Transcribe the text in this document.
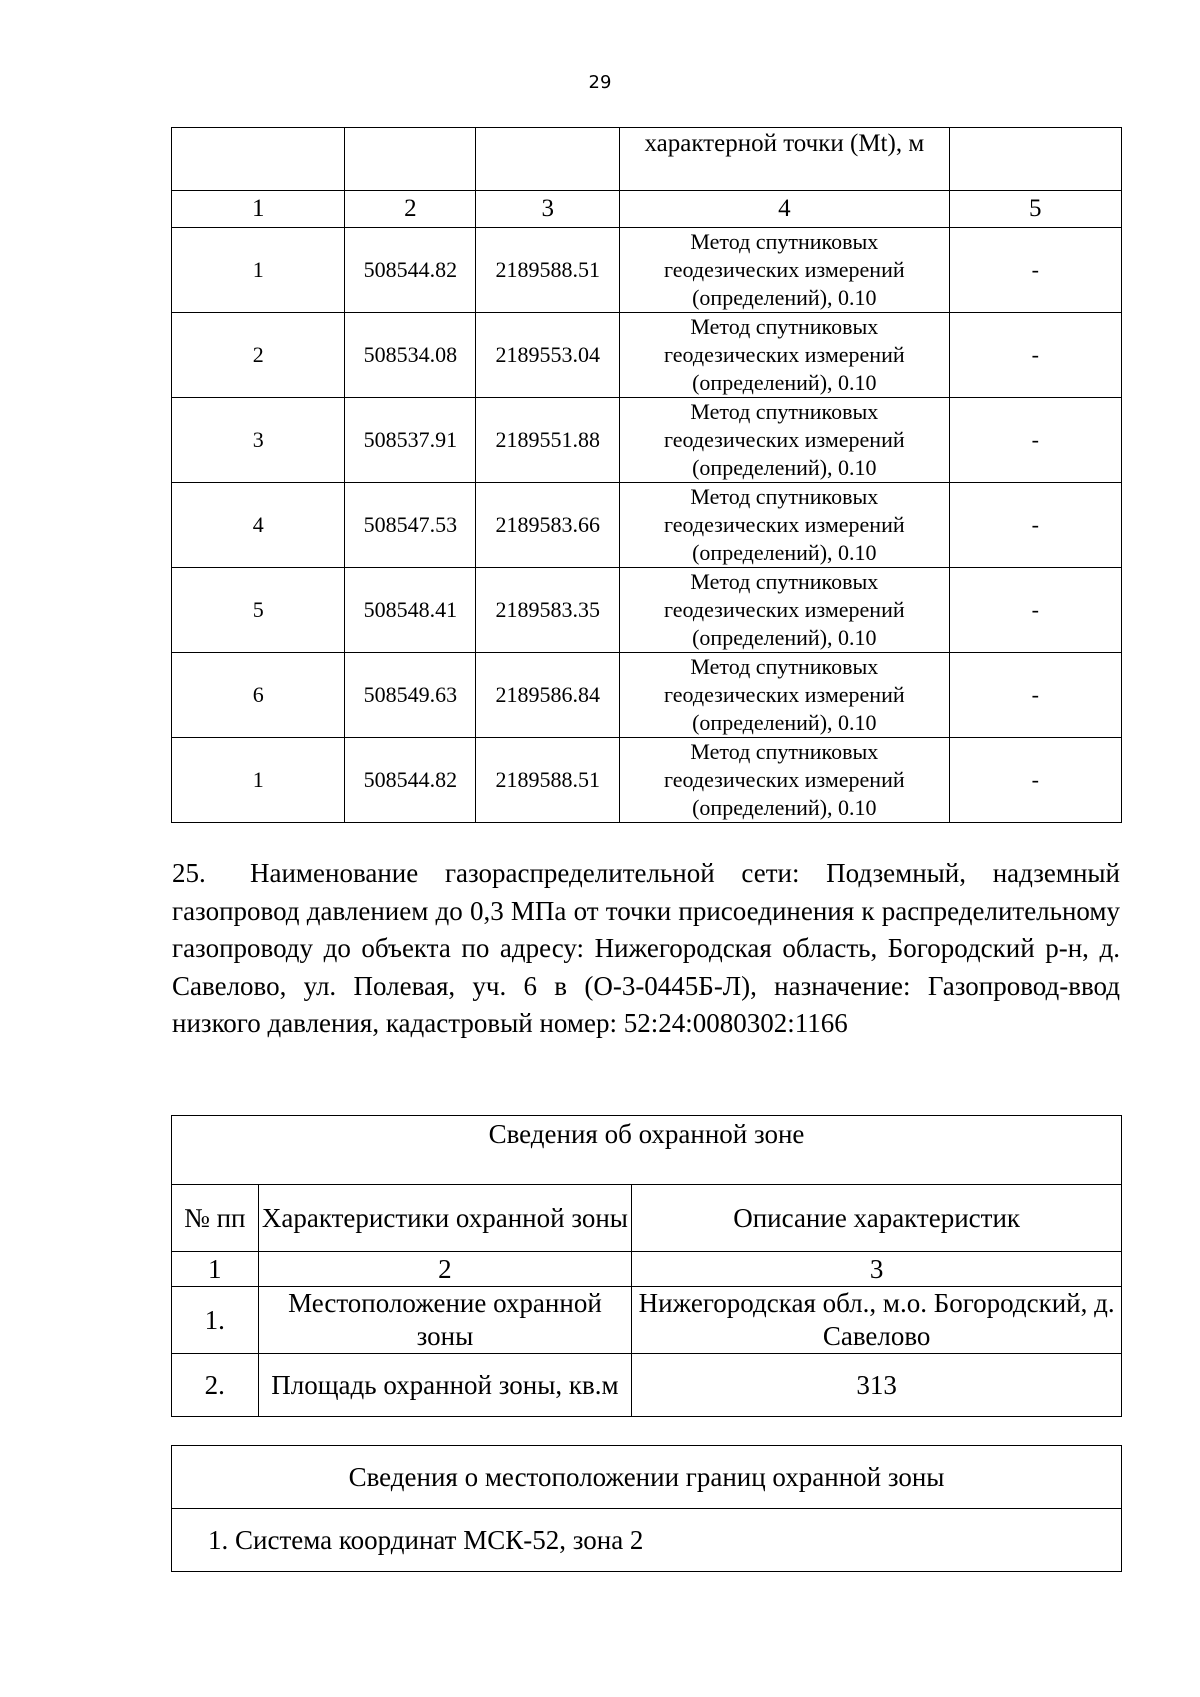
29
			характерной точки (Mt), м	
1	2	3	4	5
1	508544.82	2189588.51	Метод спутниковых
геодезических измерений
(определений), 0.10	-
2	508534.08	2189553.04	Метод спутниковых
геодезических измерений
(определений), 0.10	-
3	508537.91	2189551.88	Метод спутниковых
геодезических измерений
(определений), 0.10	-
4	508547.53	2189583.66	Метод спутниковых
геодезических измерений
(определений), 0.10	-
5	508548.41	2189583.35	Метод спутниковых
геодезических измерений
(определений), 0.10	-
6	508549.63	2189586.84	Метод спутниковых
геодезических измерений
(определений), 0.10	-
1	508544.82	2189588.51	Метод спутниковых
геодезических измерений
(определений), 0.10	-
25. Наименование газораспределительной сети: Подземный, надземный газопровод давлением до 0,3 МПа от точки присоединения к распределительному газопроводу до объекта по адресу: Нижегородская область, Богородский р-н, д. Савелово, ул. Полевая, уч. 6 в (О-3-0445Б-Л), назначение: Газопровод-ввод низкого давления, кадастровый номер: 52:24:0080302:1166
Сведения об охранной зоне		
№ пп	Характеристики охранной зоны	Описание характеристик
1	2	3
1.	Местоположение охранной зоны	Нижегородская обл., м.о. Богородский, д. Савелово
2.	Площадь охранной зоны, кв.м	313
Сведения о местоположении границ охранной зоны
1. Система координат МСК-52, зона 2
